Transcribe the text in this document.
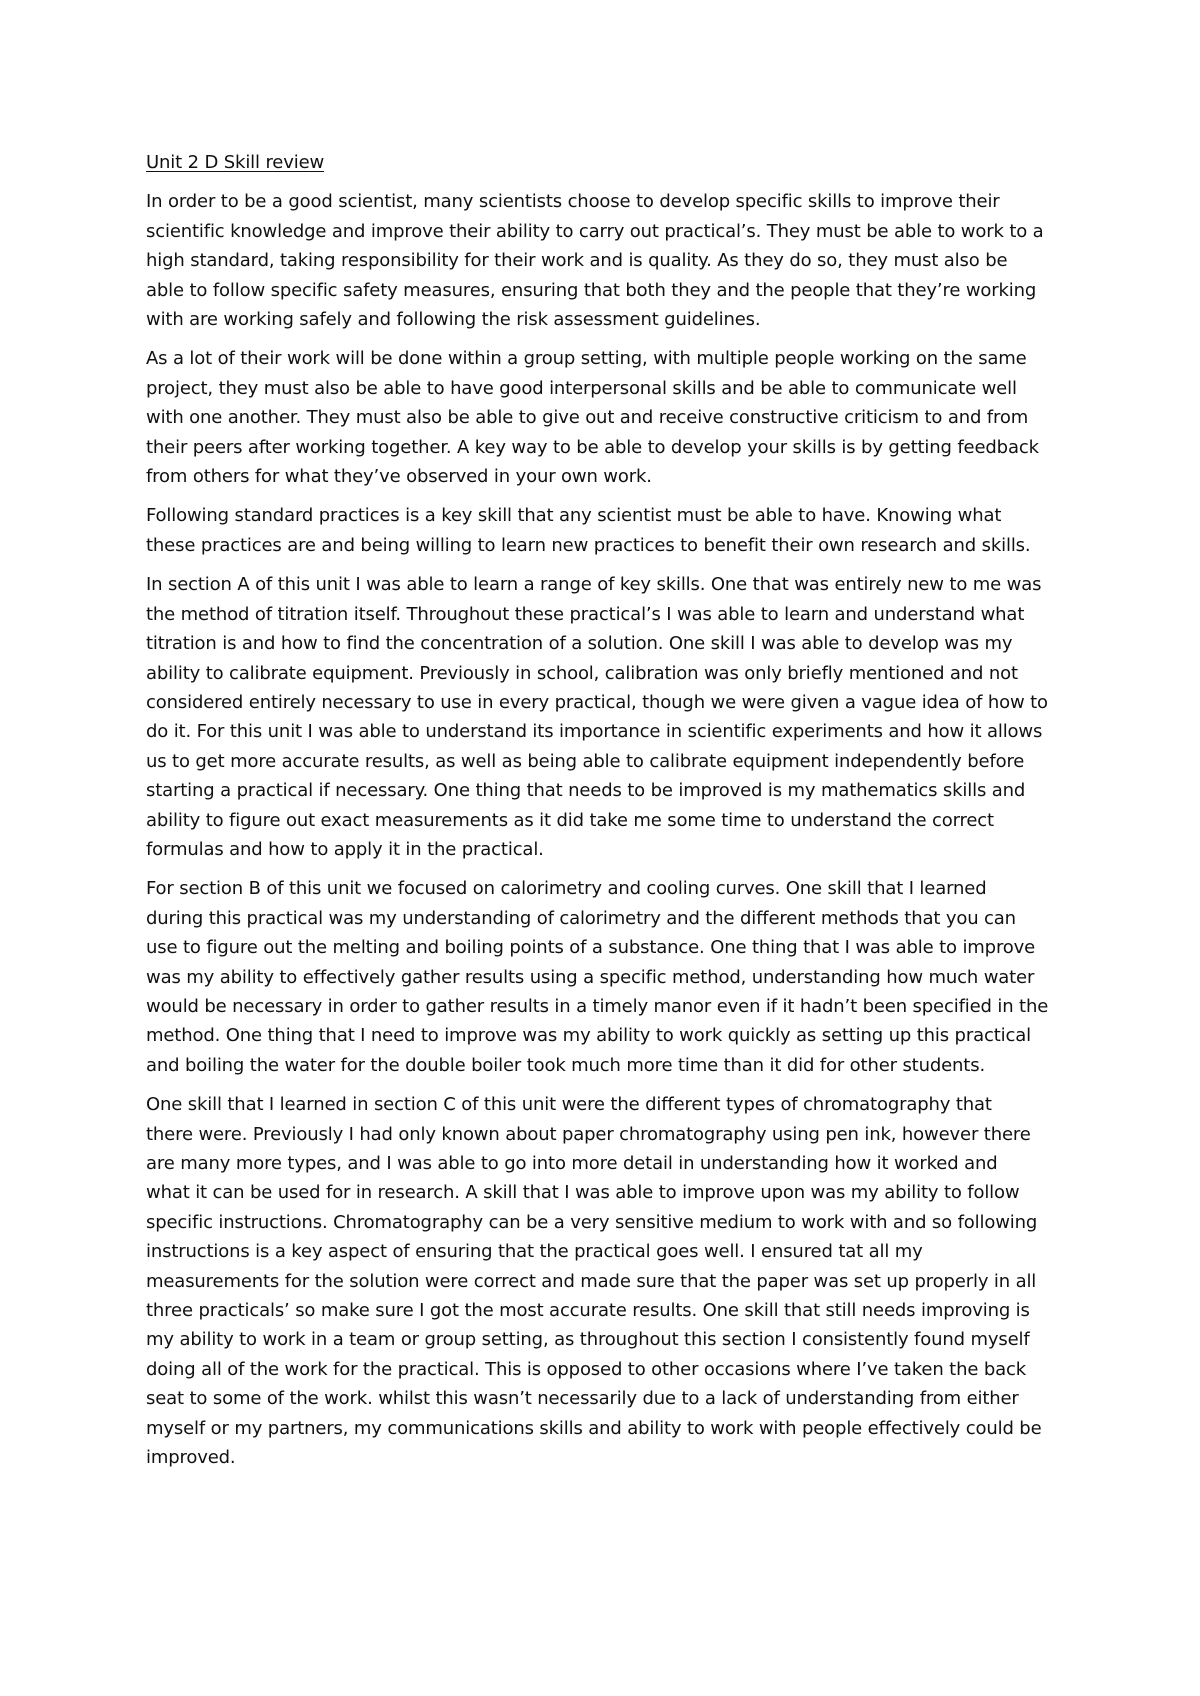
Unit 2 D Skill review
In order to be a good scientist, many scientists choose to develop specific skills to improve their
scientific knowledge and improve their ability to carry out practical’s. They must be able to work to a
high standard, taking responsibility for their work and is quality. As they do so, they must also be
able to follow specific safety measures, ensuring that both they and the people that they’re working
with are working safely and following the risk assessment guidelines.
As a lot of their work will be done within a group setting, with multiple people working on the same
project, they must also be able to have good interpersonal skills and be able to communicate well
with one another. They must also be able to give out and receive constructive criticism to and from
their peers after working together. A key way to be able to develop your skills is by getting feedback
from others for what they’ve observed in your own work.
Following standard practices is a key skill that any scientist must be able to have. Knowing what
these practices are and being willing to learn new practices to benefit their own research and skills.
In section A of this unit I was able to learn a range of key skills. One that was entirely new to me was
the method of titration itself. Throughout these practical’s I was able to learn and understand what
titration is and how to find the concentration of a solution. One skill I was able to develop was my
ability to calibrate equipment. Previously in school, calibration was only briefly mentioned and not
considered entirely necessary to use in every practical, though we were given a vague idea of how to
do it. For this unit I was able to understand its importance in scientific experiments and how it allows
us to get more accurate results, as well as being able to calibrate equipment independently before
starting a practical if necessary. One thing that needs to be improved is my mathematics skills and
ability to figure out exact measurements as it did take me some time to understand the correct
formulas and how to apply it in the practical.
For section B of this unit we focused on calorimetry and cooling curves. One skill that I learned
during this practical was my understanding of calorimetry and the different methods that you can
use to figure out the melting and boiling points of a substance. One thing that I was able to improve
was my ability to effectively gather results using a specific method, understanding how much water
would be necessary in order to gather results in a timely manor even if it hadn’t been specified in the
method. One thing that I need to improve was my ability to work quickly as setting up this practical
and boiling the water for the double boiler took much more time than it did for other students.
One skill that I learned in section C of this unit were the different types of chromatography that
there were. Previously I had only known about paper chromatography using pen ink, however there
are many more types, and I was able to go into more detail in understanding how it worked and
what it can be used for in research. A skill that I was able to improve upon was my ability to follow
specific instructions. Chromatography can be a very sensitive medium to work with and so following
instructions is a key aspect of ensuring that the practical goes well. I ensured tat all my
measurements for the solution were correct and made sure that the paper was set up properly in all
three practicals’ so make sure I got the most accurate results. One skill that still needs improving is
my ability to work in a team or group setting, as throughout this section I consistently found myself
doing all of the work for the practical. This is opposed to other occasions where I’ve taken the back
seat to some of the work. whilst this wasn’t necessarily due to a lack of understanding from either
myself or my partners, my communications skills and ability to work with people effectively could be
improved.
